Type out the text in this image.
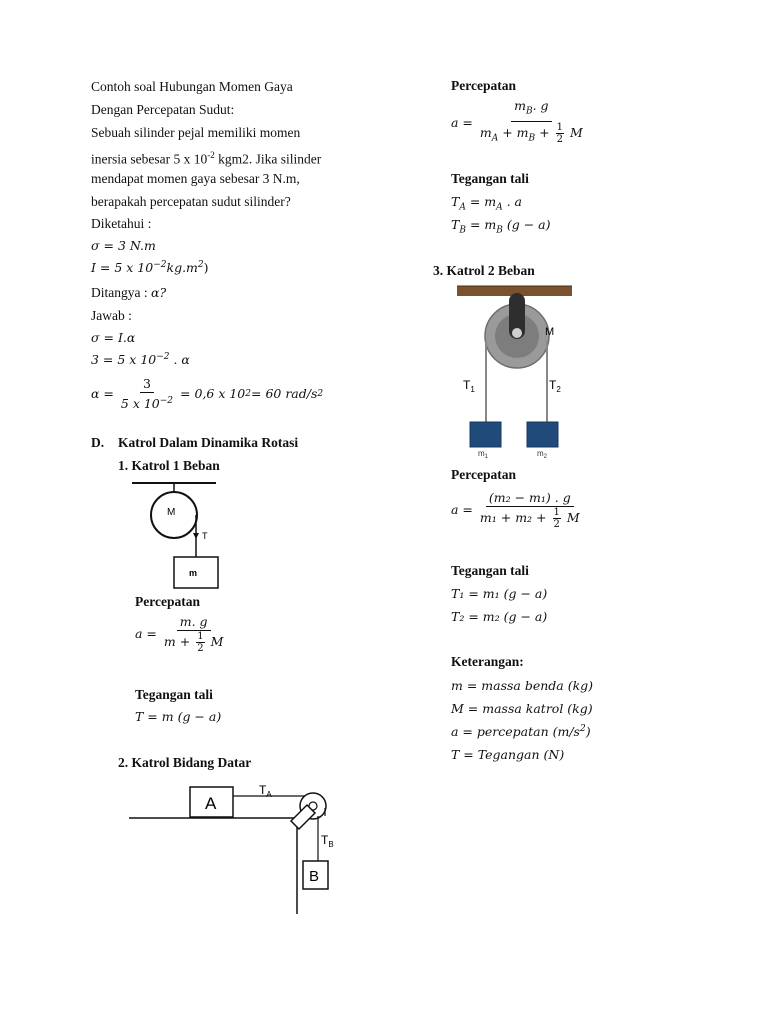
Contoh soal Hubungan Momen Gaya
Dengan Percepatan Sudut:
Sebuah silinder pejal memiliki momen
inersia sebesar 5 x $10^{-2}$ kgm2. Jika silinder
mendapat momen gaya sebesar 3 N.m,
berapakah percepatan sudut silinder?
Diketahui :
σ = 3 N.m
I = 5 x $10^{-2}kg.m^2$)
Ditangya : α?
Jawab :
σ = I.α
3 = 5 x $10^{-2}$ . α
$\alpha = \frac{3}{5 x 10^{-2}} = 0,6$ x 10 2 = 60 rad/s 2
D. Katrol Dalam Dinamika Rotasi
1. Katrol 1 Beban
M
T
m
Percepatan
$a = \frac{m. g}{m + \frac{1}{2} M}$
Tegangan tali
T = m (g − a)
2. Katrol Bidang Datar
A
$T_A$
$T_B$
B
Percepatan
$a = \frac{m_B. g}{m_A + m_B + \frac{1}{2} M}$
Tegangan tali
$T_A = m_A$ . a
$T_B = m_B$ (g − a)
3. Katrol 2 Beban
M
$T_1$	$T_2$
$m_1$	$m_2$
Percepatan
$a = \frac{\text{(m₂ − m₁) . g}}{m_1 + m_2 + \frac{1}{2} M}$
Tegangan tali
T₁ = m₁ (g − a)
T₂ = m₂ (g − a)
Keterangan:
m = massa benda (kg)
M = massa katrol (kg)
a = percepatan $(m/s^2)$
T = Tegangan (N)
